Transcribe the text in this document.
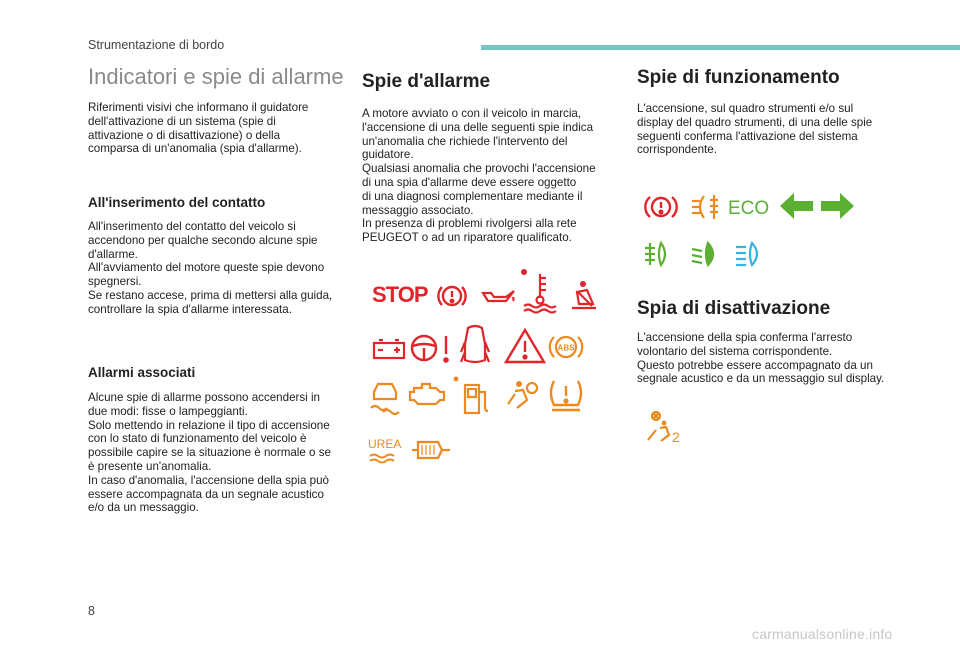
Strumentazione di bordo
Indicatori e spie di allarme
Riferimenti visivi che informano il guidatore
dell'attivazione di un sistema (spie di
attivazione o di disattivazione) o della
comparsa di un'anomalia (spia d'allarme).
All'inserimento del contatto
All'inserimento del contatto del veicolo si
accendono per qualche secondo alcune spie
d'allarme.
All'avviamento del motore queste spie devono
spegnersi.
Se restano accese, prima di mettersi alla guida,
controllare la spia d'allarme interessata.
Allarmi associati
Alcune spie di allarme possono accendersi in
due modi: fisse o lampeggianti.
Solo mettendo in relazione il tipo di accensione
con lo stato di funzionamento del veicolo è
possibile capire se la situazione è normale o se
è presente un'anomalia.
In caso d'anomalia, l'accensione della spia può
essere accompagnata da un segnale acustico
e/o da un messaggio.
Spie d'allarme
A motore avviato o con il veicolo in marcia,
l'accensione di una delle seguenti spie indica
un'anomalia che richiede l'intervento del
guidatore.
Qualsiasi anomalia che provochi l'accensione
di una spia d'allarme deve essere oggetto
di una diagnosi complementare mediante il
messaggio associato.
In presenza di problemi rivolgersi alla rete
PEUGEOT o ad un riparatore qualificato.
STOP
ABS
UREA
Spie di funzionamento
L'accensione, sul quadro strumenti e/o sul
display del quadro strumenti, di una delle spie
seguenti conferma l'attivazione del sistema
corrispondente.
ECO
Spia di disattivazione
L'accensione della spia conferma l'arresto
volontario del sistema corrispondente.
Questo potrebbe essere accompagnato da un
segnale acustico e da un messaggio sul display.
2
8
carmanualsonline.info
